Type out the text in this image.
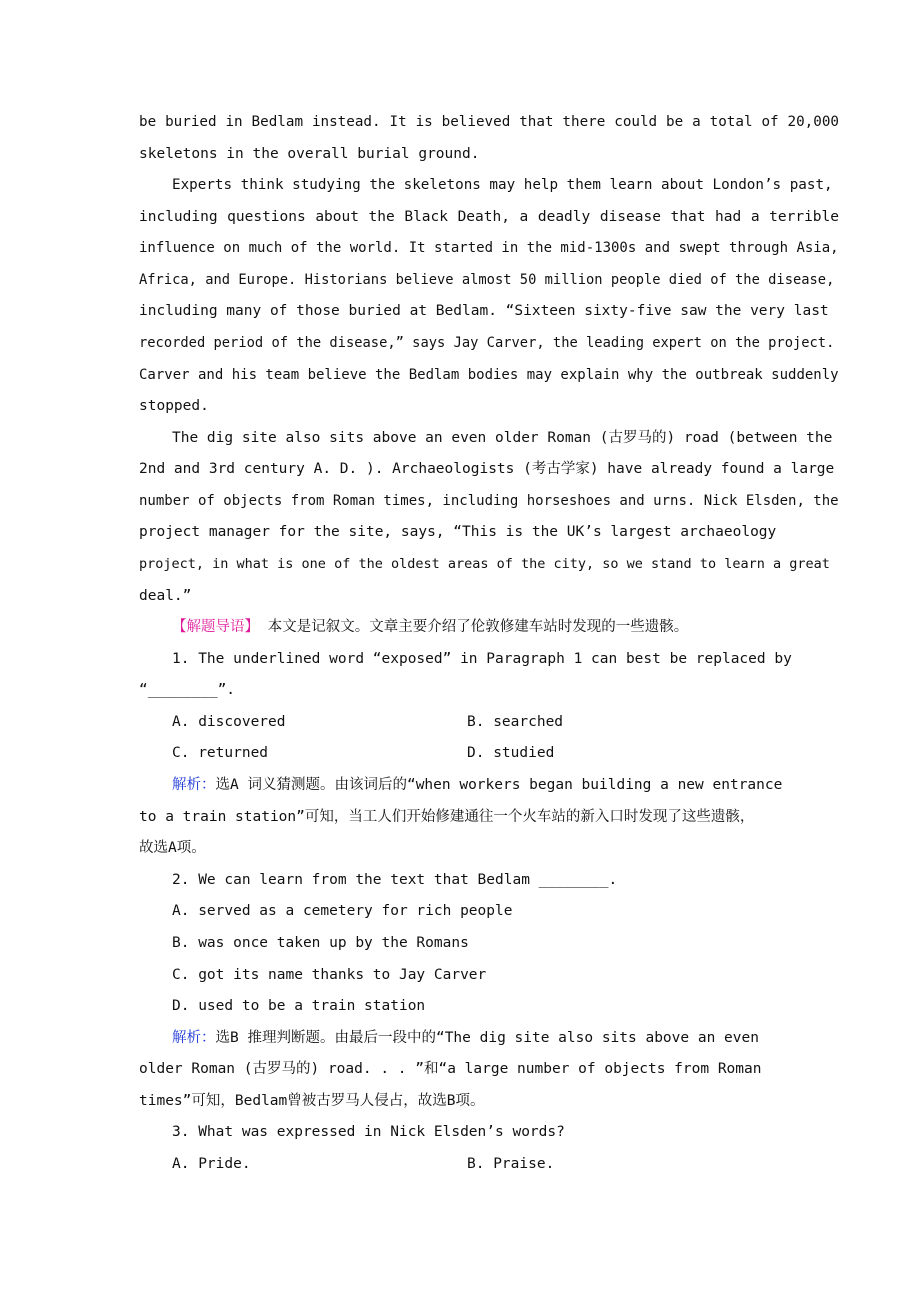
be buried in Bedlam instead. It is believed that there could be a total of 20,000
skeletons in the overall burial ground.
Experts think studying the skeletons may help them learn about London’s past,
including questions about the Black Death, a deadly disease that had a terrible
influence on much of the world. It started in the mid-1300s and swept through Asia,
Africa, and Europe. Historians believe almost 50 million people died of the disease,
including many of those buried at Bedlam. “Sixteen sixty-five saw the very last
recorded period of the disease,” says Jay Carver, the leading expert on the project.
Carver and his team believe the Bedlam bodies may explain why the outbreak suddenly
stopped.
The dig site also sits above an even older Roman (古罗马的) road (between the
2nd and 3rd century A. D. ). Archaeologists (考古学家) have already found a large
number of objects from Roman times, including horseshoes and urns. Nick Elsden, the
project manager for the site, says, “This is the UK’s largest archaeology
project, in what is one of the oldest areas of the city, so we stand to learn a great
deal.”
【解题导语】 本文是记叙文。文章主要介绍了伦敦修建车站时发现的一些遗骸。
1. The underlined word “exposed” in Paragraph 1 can best be replaced by
“________”.
A. discovered	B. searched
C. returned	D. studied
解析：选A 词义猜测题。由该词后的“when workers began building a new entrance
to a train station”可知，当工人们开始修建通往一个火车站的新入口时发现了这些遗骸，
故选A项。
2. We can learn from the text that Bedlam ________.
A. served as a cemetery for rich people
B. was once taken up by the Romans
C. got its name thanks to Jay Carver
D. used to be a train station
解析：选B 推理判断题。由最后一段中的“The dig site also sits above an even
older Roman (古罗马的) road. . . ”和“a large number of objects from Roman
times”可知，Bedlam曾被古罗马人侵占，故选B项。
3. What was expressed in Nick Elsden’s words?
A. Pride.	B. Praise.
